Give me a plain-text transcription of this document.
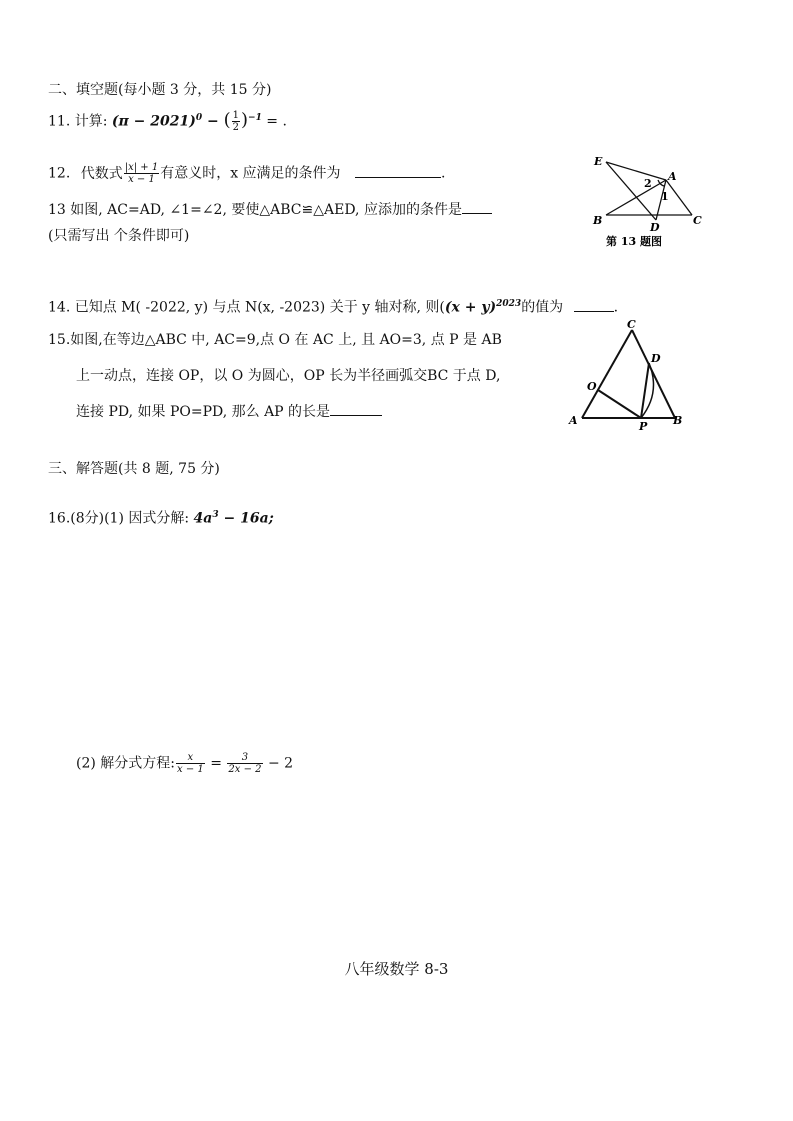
二、填空题(每小题 3 分，共 15 分)
11. 计算: $(\pi - 2021)^0$ − ( $\frac{1}{2} )^{-1}$ = .
12. 代数式 $\frac{|x| + 1}{x - 1}$ 有意义时，x 应满足的条件为	.
13 如图, AC=AD, ∠1=∠2, 要使△ABC≌△AED, 应添加的条件是
(只需写出 个条件即可)
E
A
2
1
B
D
C
第 13 题图
14. 已知点 M( -2022, y) 与点 N(x, -2023) 关于 y 轴对称, 则($(x + y)^{2023}$的值为	.
15.如图,在等边△ABC 中, AC=9,点 O 在 AC 上, 且 AO=3, 点 P 是 AB
上一动点，连接 OP，以 O 为圆心，OP 长为半径画弧交BC 于点 D,
连接 PD, 如果 PO=PD, 那么 AP 的长是
C
D
O
A	P B
三、解答题(共 8 题, 75 分)
16.(8分)(1) 因式分解: $4a^3 - 16a$;
(2) 解分式方程: $\frac{x}{x - 1} = \frac{3}{2x - 2} - 2$
八年级数学 8-3
